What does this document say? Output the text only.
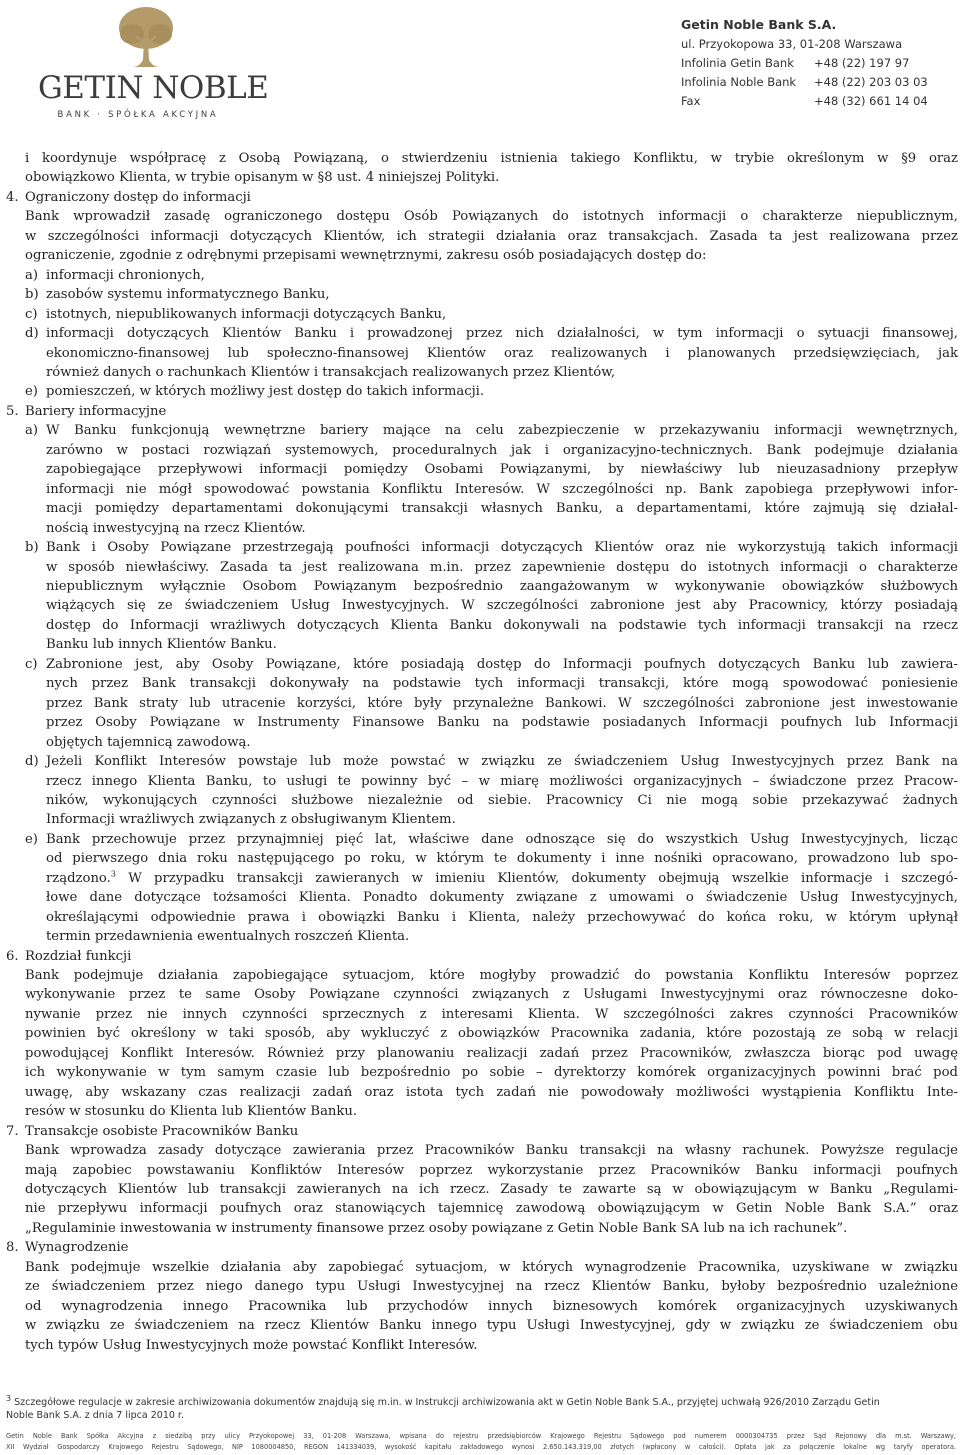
GETIN NOBLE
BANK · SPÓŁKA AKCYJNA
Getin Noble Bank S.A.
ul. Przyokopowa 33, 01-208 Warszawa
Infolinia Getin Bank	+48 (22) 197 97
Infolinia Noble Bank	+48 (22) 203 03 03
Fax	+48 (32) 661 14 04

i koordynuje współpracę z Osobą Powiązaną, o stwierdzeniu istnienia takiego Konfliktu, w trybie określonym w §9 oraz

obowiązkowo Klienta, w trybie opisanym w §8 ust. 4 niniejszej Polityki.

4. Ograniczony dostęp do informacji

Bank wprowadził zasadę ograniczonego dostępu Osób Powiązanych do istotnych informacji o charakterze niepublicznym,

w szczególności informacji dotyczących Klientów, ich strategii działania oraz transakcjach. Zasada ta jest realizowana przez

ograniczenie, zgodnie z odrębnymi przepisami wewnętrznymi, zakresu osób posiadających dostęp do:

a) informacji chronionych,

b) zasobów systemu informatycznego Banku,

c) istotnych, niepublikowanych informacji dotyczących Banku,

d) informacji dotyczących Klientów Banku i prowadzonej przez nich działalności, w tym informacji o sytuacji finansowej,

ekonomiczno-finansowej lub społeczno-finansowej Klientów oraz realizowanych i planowanych przedsięwzięciach, jak

również danych o rachunkach Klientów i transakcjach realizowanych przez Klientów,

e) pomieszczeń, w których możliwy jest dostęp do takich informacji.

5. Bariery informacyjne

a) W Banku funkcjonują wewnętrzne bariery mające na celu zabezpieczenie w przekazywaniu informacji wewnętrznych,

zarówno w postaci rozwiązań systemowych, proceduralnych jak i organizacyjno-technicznych. Bank podejmuje działania

zapobiegające przepływowi informacji pomiędzy Osobami Powiązanymi, by niewłaściwy lub nieuzasadniony przepływ

informacji nie mógł spowodować powstania Konfliktu Interesów. W szczególności np. Bank zapobiega przepływowi infor-

macji pomiędzy departamentami dokonującymi transakcji własnych Banku, a departamentami, które zajmują się działal-

nością inwestycyjną na rzecz Klientów.

b) Bank i Osoby Powiązane przestrzegają poufności informacji dotyczących Klientów oraz nie wykorzystują takich informacji

w sposób niewłaściwy. Zasada ta jest realizowana m.in. przez zapewnienie dostępu do istotnych informacji o charakterze

niepublicznym wyłącznie Osobom Powiązanym bezpośrednio zaangażowanym w wykonywanie obowiązków służbowych

wiążących się ze świadczeniem Usług Inwestycyjnych. W szczególności zabronione jest aby Pracownicy, którzy posiadają

dostęp do Informacji wrażliwych dotyczących Klienta Banku dokonywali na podstawie tych informacji transakcji na rzecz

Banku lub innych Klientów Banku.

c) Zabronione jest, aby Osoby Powiązane, które posiadają dostęp do Informacji poufnych dotyczących Banku lub zawiera-

nych przez Bank transakcji dokonywały na podstawie tych informacji transakcji, które mogą spowodować poniesienie

przez Bank straty lub utracenie korzyści, które były przynależne Bankowi. W szczególności zabronione jest inwestowanie

przez Osoby Powiązane w Instrumenty Finansowe Banku na podstawie posiadanych Informacji poufnych lub Informacji

objętych tajemnicą zawodową.

d) Jeżeli Konflikt Interesów powstaje lub może powstać w związku ze świadczeniem Usług Inwestycyjnych przez Bank na

rzecz innego Klienta Banku, to usługi te powinny być – w miarę możliwości organizacyjnych – świadczone przez Pracow-

ników, wykonujących czynności służbowe niezależnie od siebie. Pracownicy Ci nie mogą sobie przekazywać żadnych

Informacji wrażliwych związanych z obsługiwanym Klientem.

e) Bank przechowuje przez przynajmniej pięć lat, właściwe dane odnoszące się do wszystkich Usług Inwestycyjnych, licząc

od pierwszego dnia roku następującego po roku, w którym te dokumenty i inne nośniki opracowano, prowadzono lub spo-

rządzono.$^3$ W przypadku transakcji zawieranych w imieniu Klientów, dokumenty obejmują wszelkie informacje i szczegó-

łowe dane dotyczące tożsamości Klienta. Ponadto dokumenty związane z umowami o świadczenie Usług Inwestycyjnych,

określającymi odpowiednie prawa i obowiązki Banku i Klienta, należy przechowywać do końca roku, w którym upłynął

termin przedawnienia ewentualnych roszczeń Klienta.

6. Rozdział funkcji

Bank podejmuje działania zapobiegające sytuacjom, które mogłyby prowadzić do powstania Konfliktu Interesów poprzez

wykonywanie przez te same Osoby Powiązane czynności związanych z Usługami Inwestycyjnymi oraz równoczesne doko-

nywanie przez nie innych czynności sprzecznych z interesami Klienta. W szczególności zakres czynności Pracowników

powinien być określony w taki sposób, aby wykluczyć z obowiązków Pracownika zadania, które pozostają ze sobą w relacji

powodującej Konflikt Interesów. Również przy planowaniu realizacji zadań przez Pracowników, zwłaszcza biorąc pod uwagę

ich wykonywanie w tym samym czasie lub bezpośrednio po sobie – dyrektorzy komórek organizacyjnych powinni brać pod

uwagę, aby wskazany czas realizacji zadań oraz istota tych zadań nie powodowały możliwości wystąpienia Konfliktu Inte-

resów w stosunku do Klienta lub Klientów Banku.

7. Transakcje osobiste Pracowników Banku

Bank wprowadza zasady dotyczące zawierania przez Pracowników Banku transakcji na własny rachunek. Powyższe regulacje

mają zapobiec powstawaniu Konfliktów Interesów poprzez wykorzystanie przez Pracowników Banku informacji poufnych

dotyczących Klientów lub transakcji zawieranych na ich rzecz. Zasady te zawarte są w obowiązującym w Banku „Regulami-

nie przepływu informacji poufnych oraz stanowiących tajemnicę zawodową obowiązującym w Getin Noble Bank S.A.” oraz

„Regulaminie inwestowania w instrumenty finansowe przez osoby powiązane z Getin Noble Bank SA lub na ich rachunek”.

8. Wynagrodzenie

Bank podejmuje wszelkie działania aby zapobiegać sytuacjom, w których wynagrodzenie Pracownika, uzyskiwane w związku

ze świadczeniem przez niego danego typu Usługi Inwestycyjnej na rzecz Klientów Banku, byłoby bezpośrednio uzależnione

od wynagrodzenia innego Pracownika lub przychodów innych biznesowych komórek organizacyjnych uzyskiwanych

w związku ze świadczeniem na rzecz Klientów Banku innego typu Usługi Inwestycyjnej, gdy w związku ze świadczeniem obu

tych typów Usług Inwestycyjnych może powstać Konflikt Interesów.

$^3$ Szczegółowe regulacje w zakresie archiwizowania dokumentów znajdują się m.in. w Instrukcji archiwizowania akt w Getin Noble Bank S.A., przyjętej uchwałą 926/2010 Zarządu Getin
Noble Bank S.A. z dnia 7 lipca 2010 r.
Getin Noble Bank Spółka Akcyjna z siedzibą przy ulicy Przyokopowej 33, 01-208 Warszawa, wpisana do rejestru przedsiębiorców Krajowego Rejestru Sądowego pod numerem 0000304735 przez Sąd Rejonowy dla m.st. Warszawy,
XII Wydział Gospodarczy Krajowego Rejestru Sądowego, NIP 1080004850, REGON 141334039, wysokość kapitału zakładowego wynosi 2.650.143.319,00 złotych (wpłacony w całości). Opłata jak za połączenie lokalne wg taryfy operatora.
